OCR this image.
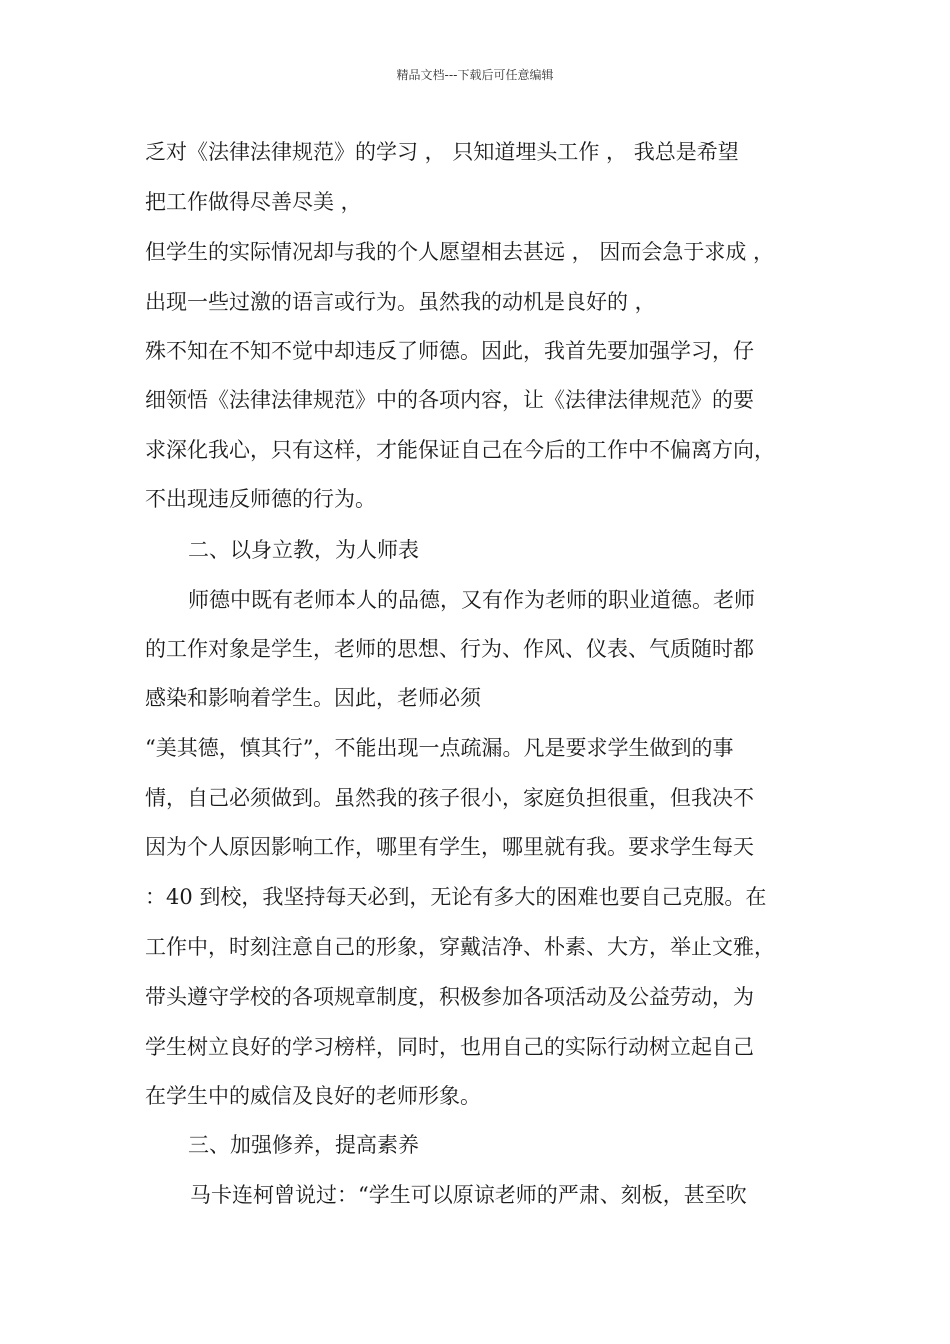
精品文档---下载后可任意编辑
乏对《法律法律规范》的学习 ， 只知道埋头工作 ， 我总是希望
把工作做得尽善尽美 ，
但学生的实际情况却与我的个人愿望相去甚远 ， 因而会急于求成 ，
出现一些过激的语言或行为。虽然我的动机是良好的 ，
殊不知在不知不觉中却违反了师德。因此，我首先要加强学习，仔
细领悟《法律法律规范》中的各项内容，让《法律法律规范》的要
求深化我心，只有这样，才能保证自己在今后的工作中不偏离方向，
不出现违反师德的行为。
二、以身立教，为人师表
师德中既有老师本人的品德，又有作为老师的职业道德。老师
的工作对象是学生，老师的思想、行为、作风、仪表、气质随时都
感染和影响着学生。因此，老师必须
“美其德，慎其行”，不能出现一点疏漏。凡是要求学生做到的事
情，自己必须做到。虽然我的孩子很小，家庭负担很重，但我决不
因为个人原因影响工作，哪里有学生，哪里就有我。要求学生每天
：40 到校，我坚持每天必到，无论有多大的困难也要自己克服。在
工作中，时刻注意自己的形象，穿戴洁净、朴素、大方，举止文雅，
带头遵守学校的各项规章制度，积极参加各项活动及公益劳动，为
学生树立良好的学习榜样，同时，也用自己的实际行动树立起自己
在学生中的威信及良好的老师形象。
三、加强修养，提高素养
马卡连柯曾说过：“学生可以原谅老师的严肃、刻板，甚至吹
